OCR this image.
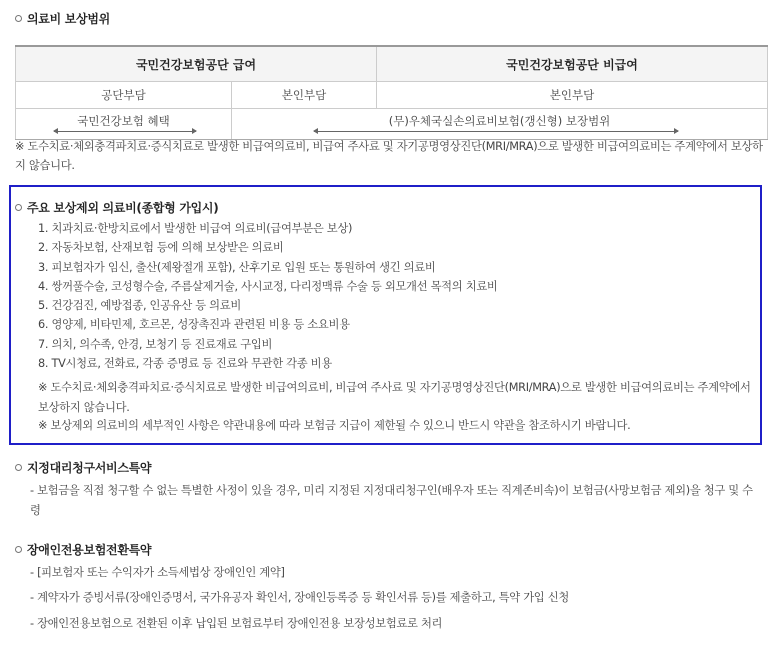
의료비 보상범위
국민건강보험공단 급여		국민건강보험공단 비급여
공단부담	본인부담	본인부담

국민건강보험 혜택	(무)우체국실손의료비보험(갱신형) 보장범위	
※ 도수치료·체외충격파치료·증식치료로 발생한 비급여의료비, 비급여 주사료 및 자기공명영상진단(MRI/MRA)으로 발생한 비급여의료비는 주계약에서 보상하지 않습니다.
주요 보상제외 의료비(종합형 가입시)
1. 치과치료·한방치료에서 발생한 비급여 의료비(급여부분은 보상)
2. 자동차보험, 산재보험 등에 의해 보상받은 의료비
3. 피보험자가 임신, 출산(제왕절개 포함), 산후기로 입원 또는 통원하여 생긴 의료비
4. 쌍꺼풀수술, 코성형수술, 주름살제거술, 사시교정, 다리정맥류 수술 등 외모개선 목적의 치료비
5. 건강검진, 예방접종, 인공유산 등 의료비
6. 영양제, 비타민제, 호르몬, 성장촉진과 관련된 비용 등 소요비용
7. 의치, 의수족, 안경, 보청기 등 진료재료 구입비
8. TV시청료, 전화료, 각종 증명료 등 진료와 무관한 각종 비용
※ 도수치료·체외충격파치료·증식치료로 발생한 비급여의료비, 비급여 주사료 및 자기공명영상진단(MRI/MRA)으로 발생한 비급여의료비는 주계약에서 보상하지 않습니다.
※ 보상제외 의료비의 세부적인 사항은 약관내용에 따라 보험금 지급이 제한될 수 있으니 반드시 약관을 참조하시기 바랍니다.
지정대리청구서비스특약
- 보험금을 직접 청구할 수 없는 특별한 사정이 있을 경우, 미리 지정된 지정대리청구인(배우자 또는 직계존비속)이 보험금(사망보험금 제외)을 청구 및 수령
장애인전용보험전환특약
- [피보험자 또는 수익자가 소득세법상 장애인인 계약]
- 계약자가 증빙서류(장애인증명서, 국가유공자 확인서, 장애인등록증 등 확인서류 등)를 제출하고, 특약 가입 신청
- 장애인전용보험으로 전환된 이후 납입된 보험료부터 장애인전용 보장성보험료로 처리
